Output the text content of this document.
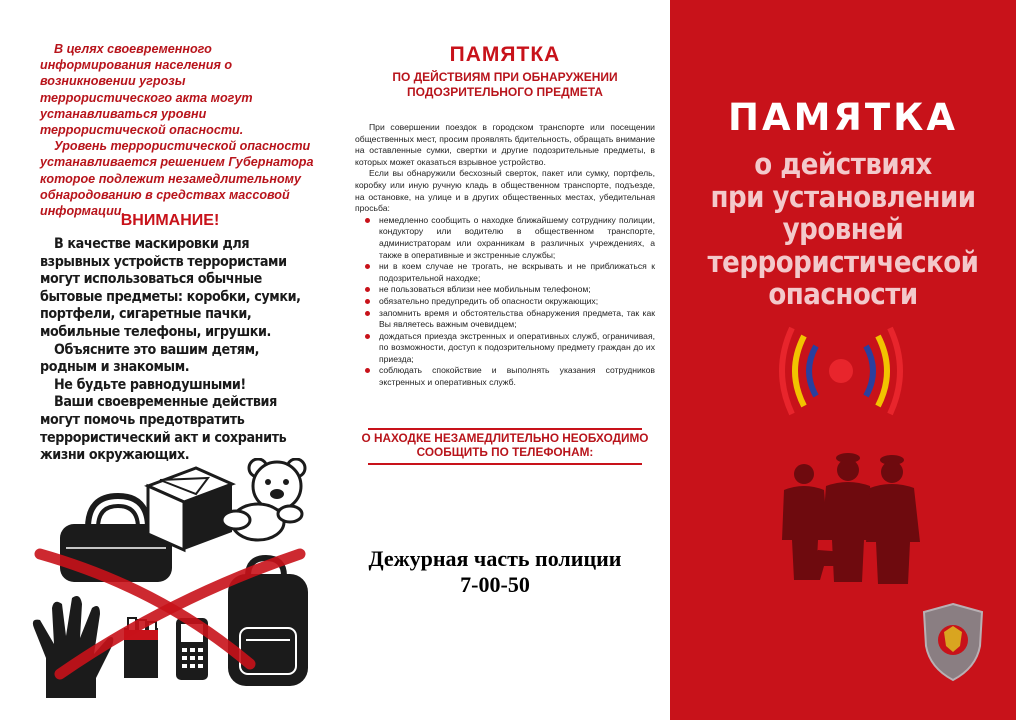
В целях своевременного информирования населения о возникновении угрозы террористического акта могут устанавливаться уровни террористической опасности.

Уровень террористической опасности устанавливается решением Губернатора которое подлежит незамедлительному обнародованию в средствах массовой информации.

ВНИМАНИЕ!

В качестве маскировки для взрывных устройств террористами могут использоваться обычные бытовые предметы: коробки, сумки, портфели, сигаретные пачки, мобильные телефоны, игрушки.

Объясните это вашим детям, родным и знакомым.

Не будьте равнодушными!

Ваши своевременные действия могут помочь предотвратить террористический акт и сохранить жизни окружающих.

ПАМЯТКА
ПО ДЕЙСТВИЯМ ПРИ ОБНАРУЖЕНИИ
ПОДОЗРИТЕЛЬНОГО ПРЕДМЕТА

При совершении поездок в городском транспорте или посещении общественных мест, просим проявлять бдительность, обращать внимание на оставленные сумки, свертки и другие подозрительные предметы, в которых может оказаться взрывное устройство.

Если вы обнаружили бесхозный сверток, пакет или сумку, портфель, коробку или иную ручную кладь в общественном транспорте, подъезде, на остановке, на улице и в других общественных местах, убедительная просьба:

немедленно сообщить о находке ближайшему сотруднику полиции, кондуктору или водителю в общественном транспорте, администраторам или охранникам в различных учреждениях, а также в оперативные и экстренные службы;
ни в коем случае не трогать, не вскрывать и не приближаться к подозрительной находке;
не пользоваться вблизи нее мобильным телефоном;
обязательно предупредить об опасности окружающих;
запомнить время и обстоятельства обнаружения предмета, так как Вы являетесь важным очевидцем;
дождаться приезда экстренных и оперативных служб, ограничивая, по возможности, доступ к подозрительному предмету граждан до их приезда;
соблюдать спокойствие и выполнять указания сотрудников экстренных и оперативных служб.
О НАХОДКЕ НЕЗАМЕДЛИТЕЛЬНО НЕОБХОДИМО
СООБЩИТЬ ПО ТЕЛЕФОНАМ:
Дежурная часть полиции
7-00-50
ПАМЯТКА
о действиях
при установлении
уровней
террористической
опасности
